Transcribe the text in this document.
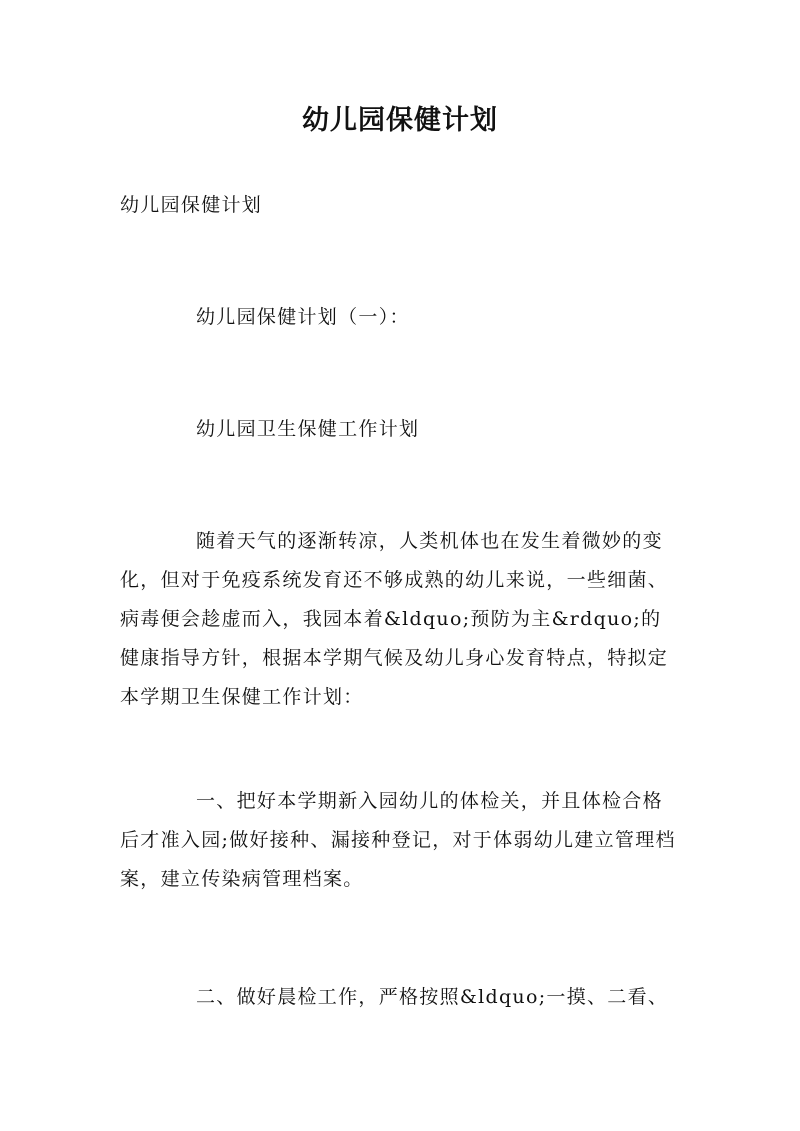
幼儿园保健计划

幼儿园保健计划

幼儿园保健计划（一）：

幼儿园卫生保健工作计划

随着天气的逐渐转凉，人类机体也在发生着微妙的变化，但对于免疫系统发育还不够成熟的幼儿来说，一些细菌、病毒便会趁虚而入，我园本着&ldquo;预防为主&rdquo;的健康指导方针，根据本学期气候及幼儿身心发育特点，特拟定本学期卫生保健工作计划：

一、把好本学期新入园幼儿的体检关，并且体检合格后才准入园;做好接种、漏接种登记，对于体弱幼儿建立管理档案，建立传染病管理档案。

二、做好晨检工作，严格按照&ldquo;一摸、二看、
